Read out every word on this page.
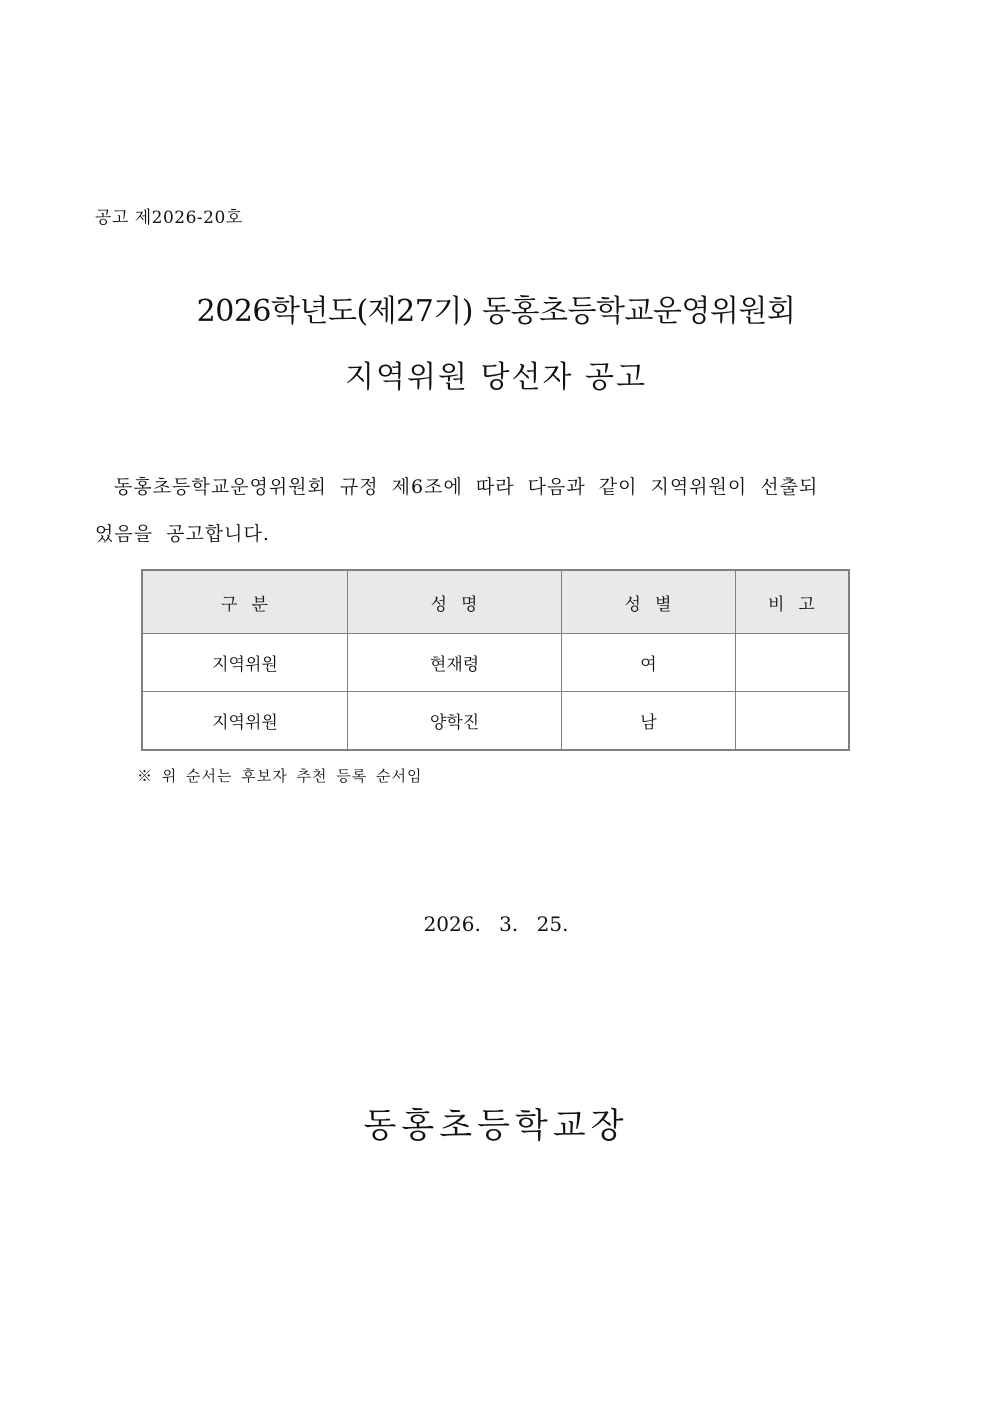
공고 제2026-20호
2026학년도(제27기) 동홍초등학교운영위원회
지역위원 당선자 공고
동홍초등학교운영위원회 규정 제6조에 따라 다음과 같이 지역위원이 선출되
었음을 공고합니다.
구분	성명	성별	비고
지역위원	현재령	여	
지역위원	양학진	남	
※ 위 순서는 후보자 추천 등록 순서임
2026. 3. 25.
동홍초등학교장
